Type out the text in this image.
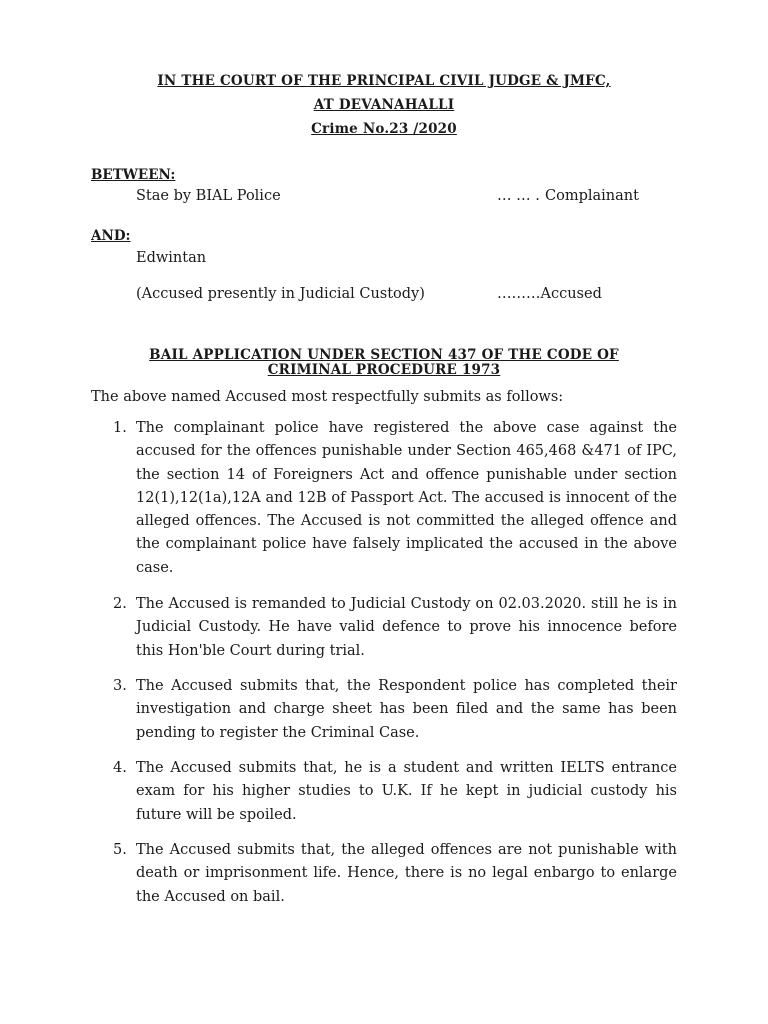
IN THE COURT OF THE PRINCIPAL CIVIL JUDGE & JMFC,
AT DEVANAHALLI
Crime No.23 /2020
BETWEEN:
Stae by BIAL Police	… … . Complainant
AND:
Edwintan
(Accused presently in Judicial Custody)	………Accused
BAIL APPLICATION UNDER SECTION 437 OF THE CODE OF
CRIMINAL PROCEDURE 1973
The above named Accused most respectfully submits as follows:
1. The complainant police have registered the above case against the accused for the offences punishable under Section 465,468 &471 of IPC, the section 14 of Foreigners Act and offence punishable under section 12(1),12(1a),12A and 12B of Passport Act. The accused is innocent of the alleged offences. The Accused is not committed the alleged offence and the complainant police have falsely implicated the accused in the above case.
2. The Accused is remanded to Judicial Custody on 02.03.2020. still he is in Judicial Custody. He have valid defence to prove his innocence before this Hon'ble Court during trial.
3. The Accused submits that, the Respondent police has completed their investigation and charge sheet has been filed and the same has been pending to register the Criminal Case.
4. The Accused submits that, he is a student and written IELTS entrance exam for his higher studies to U.K. If he kept in judicial custody his future will be spoiled.
5. The Accused submits that, the alleged offences are not punishable with death or imprisonment life. Hence, there is no legal enbargo to enlarge the Accused on bail.
